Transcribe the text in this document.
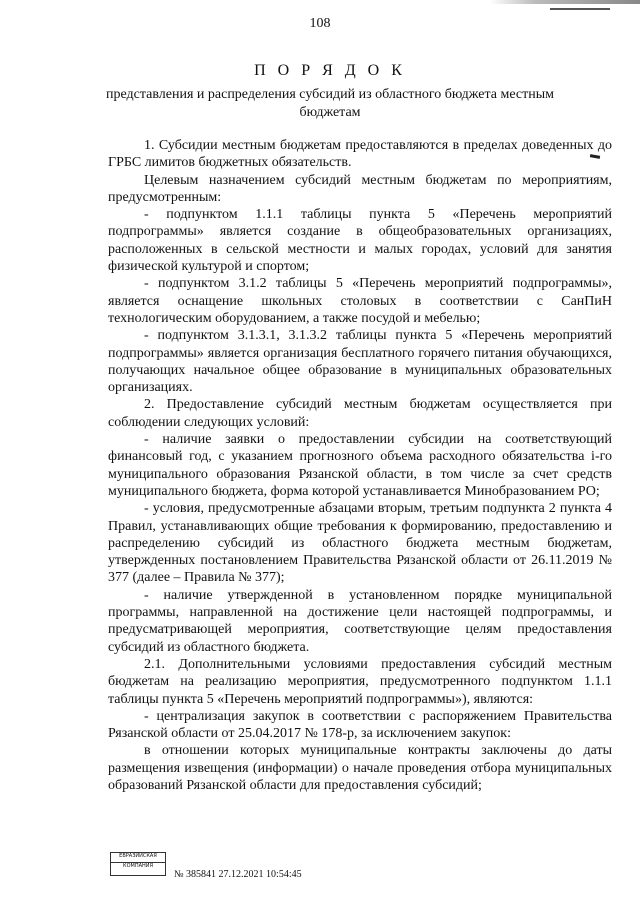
108
П О Р Я Д О К
представления и распределения субсидий из областного бюджета местным бюджетам

1. Субсидии местным бюджетам предоставляются в пределах доведенных до ГРБС лимитов бюджетных обязательств.

Целевым назначением субсидий местным бюджетам по мероприятиям, предусмотренным:

- подпунктом 1.1.1 таблицы пункта 5 «Перечень мероприятий подпрограммы» является создание в общеобразовательных организациях, расположенных в сельской местности и малых городах, условий для занятия физической культурой и спортом;

- подпунктом 3.1.2 таблицы 5 «Перечень мероприятий подпрограммы», является оснащение школьных столовых в соответствии с СанПиН технологическим оборудованием, а также посудой и мебелью;

- подпунктом 3.1.3.1, 3.1.3.2 таблицы пункта 5 «Перечень мероприятий подпрограммы» является организация бесплатного горячего питания обучающихся, получающих начальное общее образование в муниципальных образовательных организациях.

2. Предоставление субсидий местным бюджетам осуществляется при соблюдении следующих условий:

- наличие заявки о предоставлении субсидии на соответствующий финансовый год, с указанием прогнозного объема расходного обязательства i-го муниципального образования Рязанской области, в том числе за счет средств муниципального бюджета, форма которой устанавливается Минобразованием РО;

- условия, предусмотренные абзацами вторым, третьим подпункта 2 пункта 4 Правил, устанавливающих общие требования к формированию, предоставлению и распределению субсидий из областного бюджета местным бюджетам, утвержденных постановлением Правительства Рязанской области от 26.11.2019 № 377 (далее – Правила № 377);

- наличие утвержденной в установленном порядке муниципальной программы, направленной на достижение цели настоящей подпрограммы, и предусматривающей мероприятия, соответствующие целям предоставления субсидий из областного бюджета.

2.1. Дополнительными условиями предоставления субсидий местным бюджетам на реализацию мероприятия, предусмотренного подпунктом 1.1.1 таблицы пункта 5 «Перечень мероприятий подпрограммы»), являются:

- централизация закупок в соответствии с распоряжением Правительства Рязанской области от 25.04.2017 № 178-р, за исключением закупок:

в отношении которых муниципальные контракты заключены до даты размещения извещения (информации) о начале проведения отбора муниципальных образований Рязанской области для предоставления субсидий;

ЕВРАЗИЙСКАЯ
КОМПАНИЯ
№ 385841 27.12.2021 10:54:45
